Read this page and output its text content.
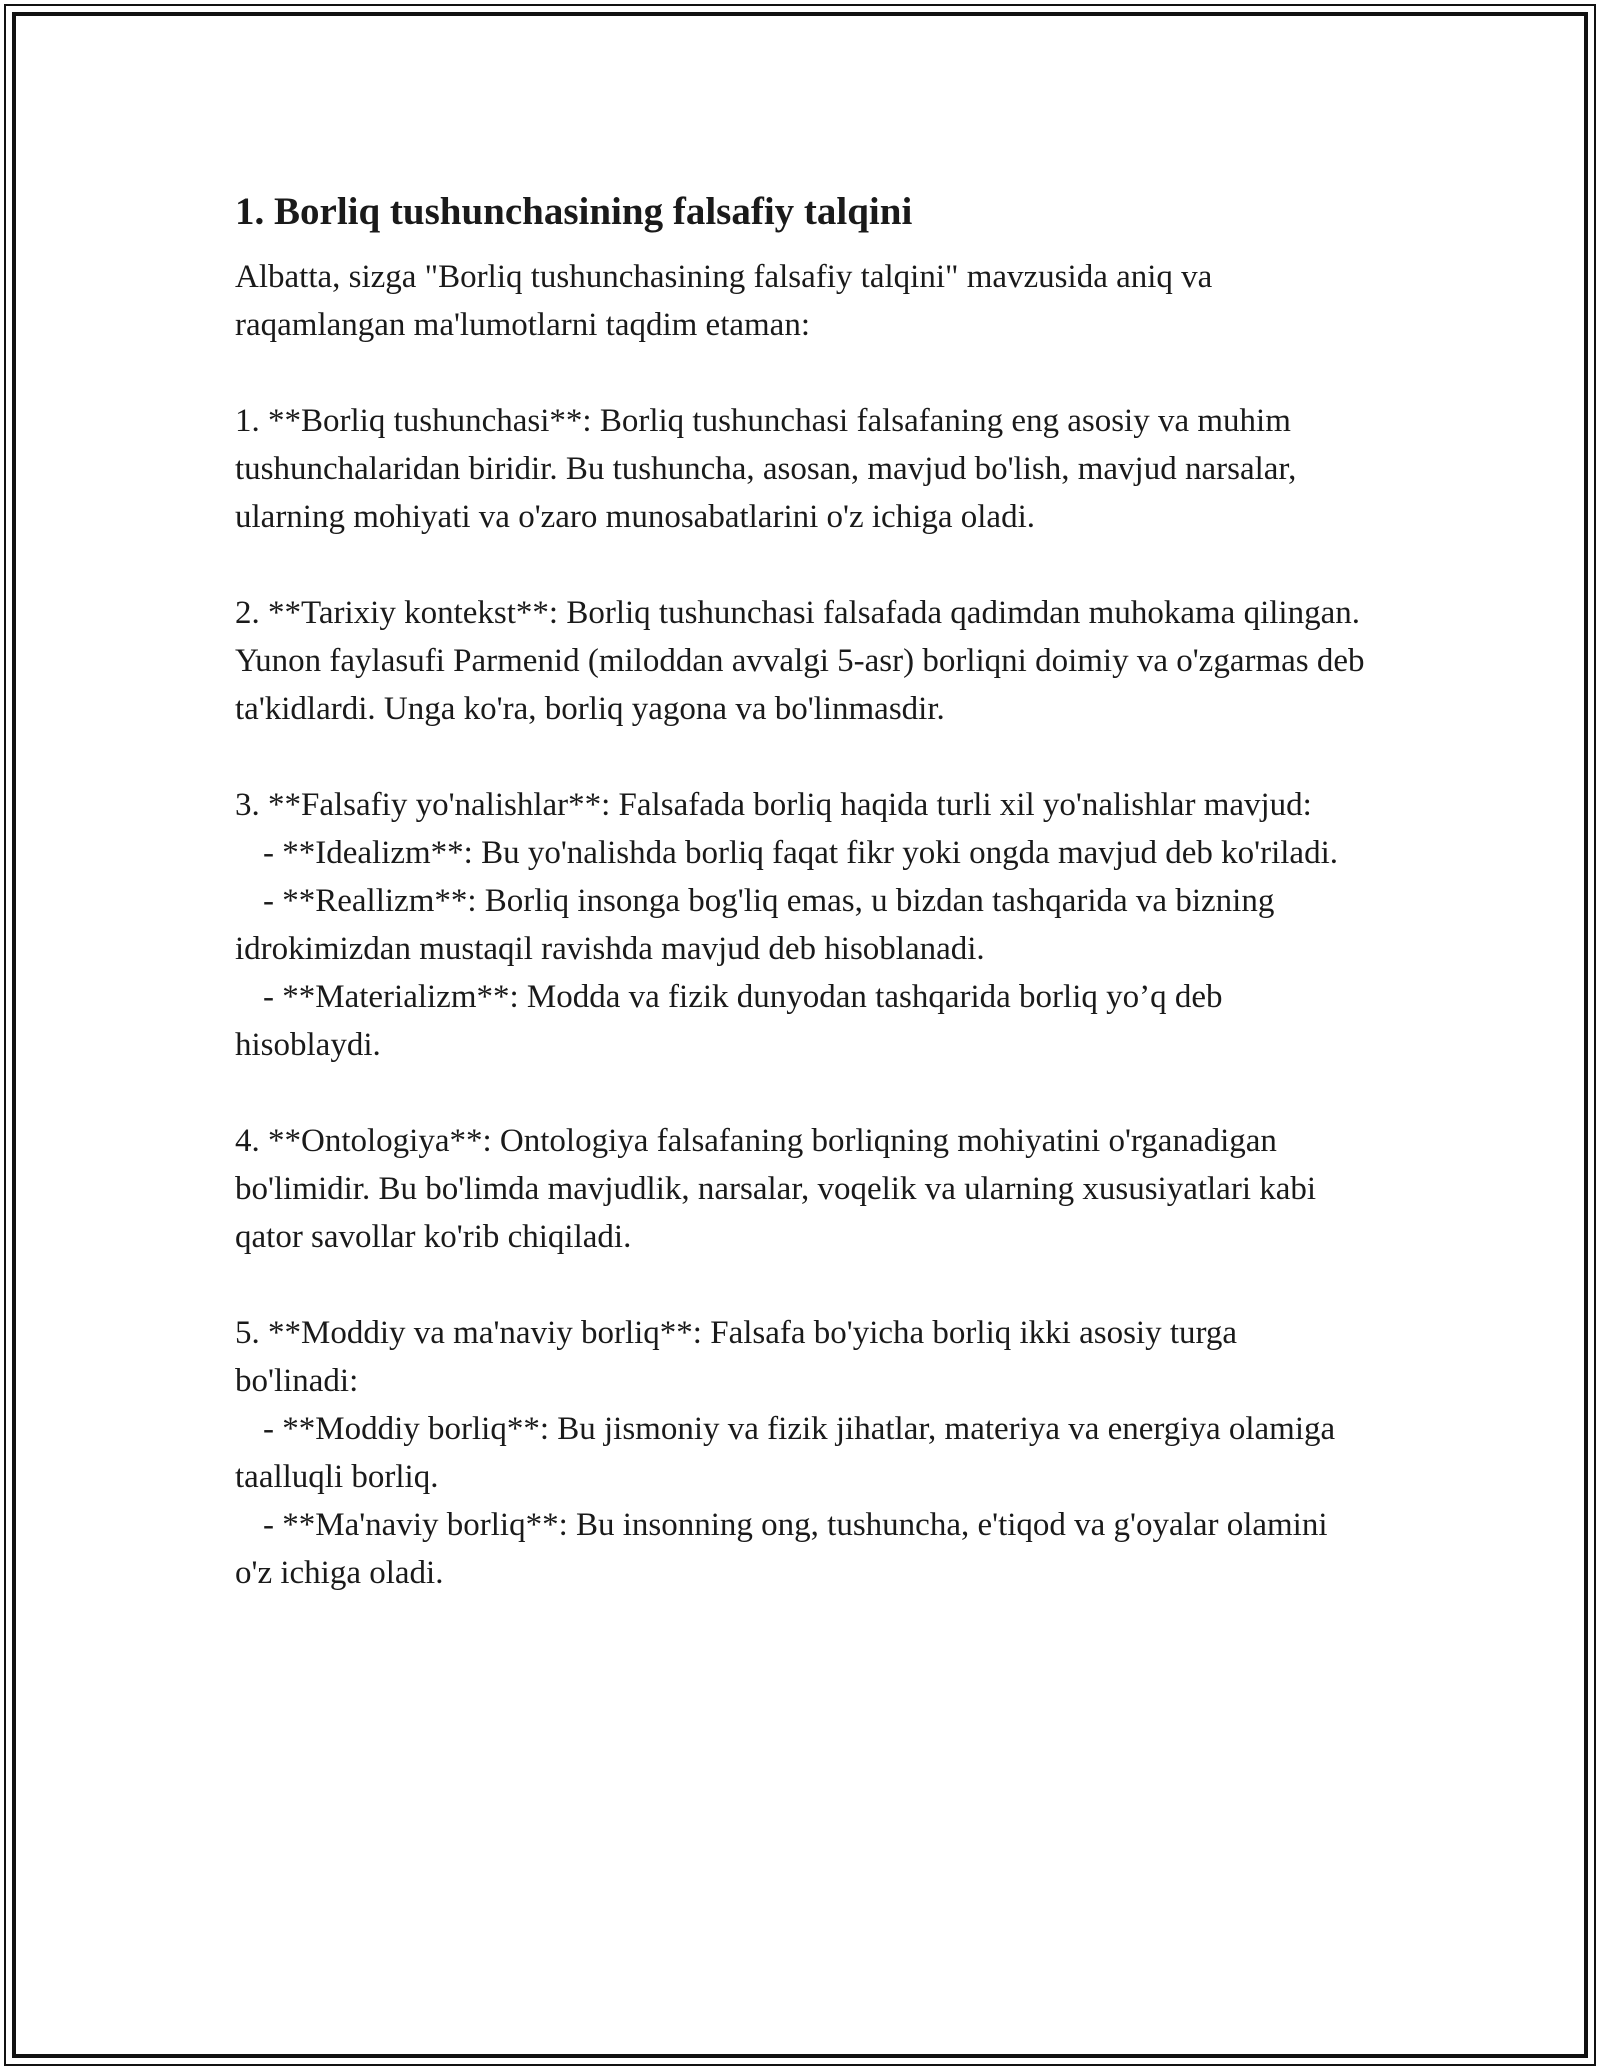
1. Borliq tushunchasining falsafiy talqini

Albatta, sizga "Borliq tushunchasining falsafiy talqini" mavzusida aniq va raqamlangan ma'lumotlarni taqdim etaman:

1. **Borliq tushunchasi**: Borliq tushunchasi falsafaning eng asosiy va muhim tushunchalaridan biridir. Bu tushuncha, asosan, mavjud bo'lish, mavjud narsalar, ularning mohiyati va o'zaro munosabatlarini o'z ichiga oladi.

2. **Tarixiy kontekst**: Borliq tushunchasi falsafada qadimdan muhokama qilingan. Yunon faylasufi Parmenid (miloddan avvalgi 5-asr) borliqni doimiy va o'zgarmas deb ta'kidlardi. Unga ko'ra, borliq yagona va bo'linmasdir.

3. **Falsafiy yo'nalishlar**: Falsafada borliq haqida turli xil yo'nalishlar mavjud:

- **Idealizm**: Bu yo'nalishda borliq faqat fikr yoki ongda mavjud deb ko'riladi.

- **Reallizm**: Borliq insonga bog'liq emas, u bizdan tashqarida va bizning idrokimizdan mustaqil ravishda mavjud deb hisoblanadi.

- **Materializm**: Modda va fizik dunyodan tashqarida borliq yo’q deb hisoblaydi.

4. **Ontologiya**: Ontologiya falsafaning borliqning mohiyatini o'rganadigan bo'limidir. Bu bo'limda mavjudlik, narsalar, voqelik va ularning xususiyatlari kabi qator savollar ko'rib chiqiladi.

5. **Moddiy va ma'naviy borliq**: Falsafa bo'yicha borliq ikki asosiy turga bo'linadi:

- **Moddiy borliq**: Bu jismoniy va fizik jihatlar, materiya va energiya olamiga taalluqli borliq.

- **Ma'naviy borliq**: Bu insonning ong, tushuncha, e'tiqod va g'oyalar olamini o'z ichiga oladi.
